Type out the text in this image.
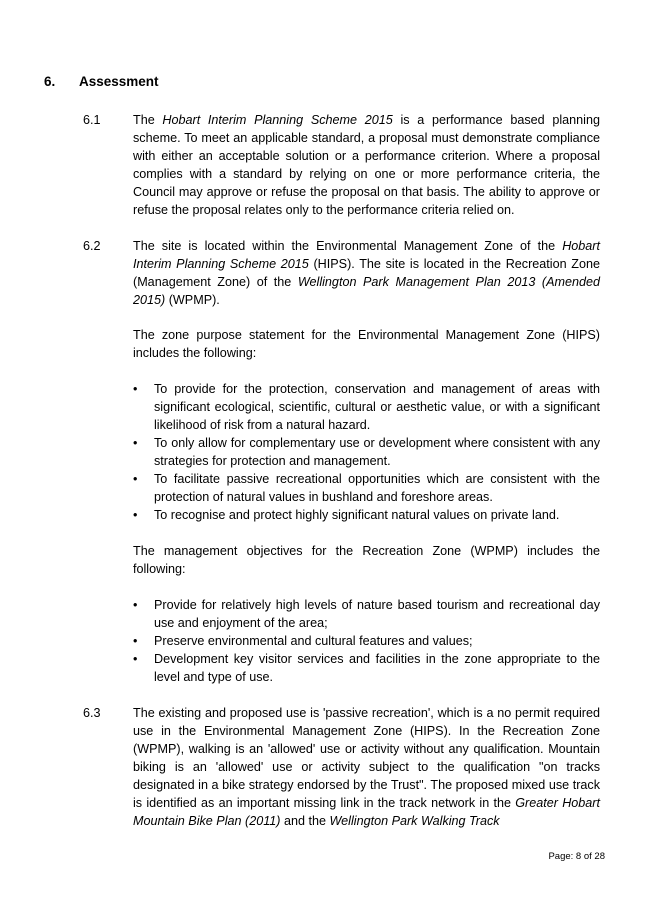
6. Assessment
6.1	The Hobart Interim Planning Scheme 2015 is a performance based planning scheme. To meet an applicable standard, a proposal must demonstrate compliance with either an acceptable solution or a performance criterion. Where a proposal complies with a standard by relying on one or more performance criteria, the Council may approve or refuse the proposal on that basis. The ability to approve or refuse the proposal relates only to the performance criteria relied on.
6.2	The site is located within the Environmental Management Zone of the Hobart Interim Planning Scheme 2015 (HIPS). The site is located in the Recreation Zone (Management Zone) of the Wellington Park Management Plan 2013 (Amended 2015) (WPMP).
The zone purpose statement for the Environmental Management Zone (HIPS) includes the following:
• To provide for the protection, conservation and management of areas with significant ecological, scientific, cultural or aesthetic value, or with a significant likelihood of risk from a natural hazard.
• To only allow for complementary use or development where consistent with any strategies for protection and management.
• To facilitate passive recreational opportunities which are consistent with the protection of natural values in bushland and foreshore areas.
• To recognise and protect highly significant natural values on private land.
The management objectives for the Recreation Zone (WPMP) includes the following:
• Provide for relatively high levels of nature based tourism and recreational day use and enjoyment of the area;
• Preserve environmental and cultural features and values;
• Development key visitor services and facilities in the zone appropriate to the level and type of use.
6.3	The existing and proposed use is 'passive recreation', which is a no permit required use in the Environmental Management Zone (HIPS). In the Recreation Zone (WPMP), walking is an 'allowed' use or activity without any qualification. Mountain biking is an 'allowed' use or activity subject to the qualification "on tracks designated in a bike strategy endorsed by the Trust". The proposed mixed use track is identified as an important missing link in the track network in the Greater Hobart Mountain Bike Plan (2011) and the Wellington Park Walking Track
Page: 8 of 28
